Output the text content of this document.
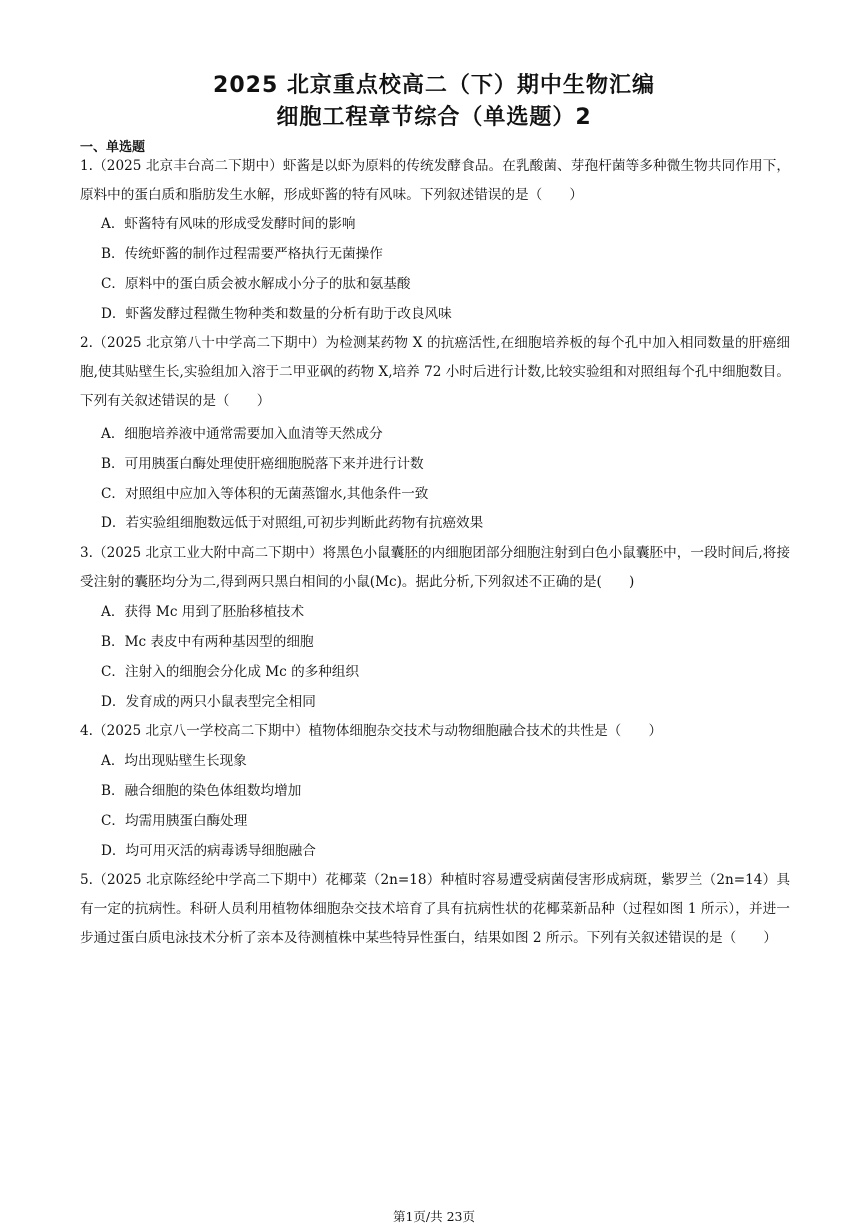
2025 北京重点校高二（下）期中生物汇编
细胞工程章节综合（单选题）2
一、单选题
1.（2025 北京丰台高二下期中）虾酱是以虾为原料的传统发酵食品。在乳酸菌、芽孢杆菌等多种微生物共同作用下，原料中的蛋白质和脂肪发生水解，形成虾酱的特有风味。下列叙述错误的是（　　）
A．虾酱特有风味的形成受发酵时间的影响
B．传统虾酱的制作过程需要严格执行无菌操作
C．原料中的蛋白质会被水解成小分子的肽和氨基酸
D．虾酱发酵过程微生物种类和数量的分析有助于改良风味
2.（2025 北京第八十中学高二下期中）为检测某药物 X 的抗癌活性,在细胞培养板的每个孔中加入相同数量的肝癌细胞,使其贴壁生长,实验组加入溶于二甲亚砜的药物 X,培养 72 小时后进行计数,比较实验组和对照组每个孔中细胞数目。下列有关叙述错误的是（　　）
A．细胞培养液中通常需要加入血清等天然成分
B．可用胰蛋白酶处理使肝癌细胞脱落下来并进行计数
C．对照组中应加入等体积的无菌蒸馏水,其他条件一致
D．若实验组细胞数远低于对照组,可初步判断此药物有抗癌效果
3.（2025 北京工业大附中高二下期中）将黑色小鼠囊胚的内细胞团部分细胞注射到白色小鼠囊胚中，一段时间后,将接受注射的囊胚均分为二,得到两只黑白相间的小鼠(Mc)。据此分析,下列叙述不正确的是(　　)
A．获得 Mc 用到了胚胎移植技术
B．Mc 表皮中有两种基因型的细胞
C．注射入的细胞会分化成 Mc 的多种组织
D．发育成的两只小鼠表型完全相同
4.（2025 北京八一学校高二下期中）植物体细胞杂交技术与动物细胞融合技术的共性是（　　）
A．均出现贴壁生长现象
B．融合细胞的染色体组数均增加
C．均需用胰蛋白酶处理
D．均可用灭活的病毒诱导细胞融合
5.（2025 北京陈经纶中学高二下期中）花椰菜（2n=18）种植时容易遭受病菌侵害形成病斑，紫罗兰（2n=14）具有一定的抗病性。科研人员利用植物体细胞杂交技术培育了具有抗病性状的花椰菜新品种（过程如图 1 所示），并进一步通过蛋白质电泳技术分析了亲本及待测植株中某些特异性蛋白，结果如图 2 所示。下列有关叙述错误的是（　　）
第1页/共 23页
